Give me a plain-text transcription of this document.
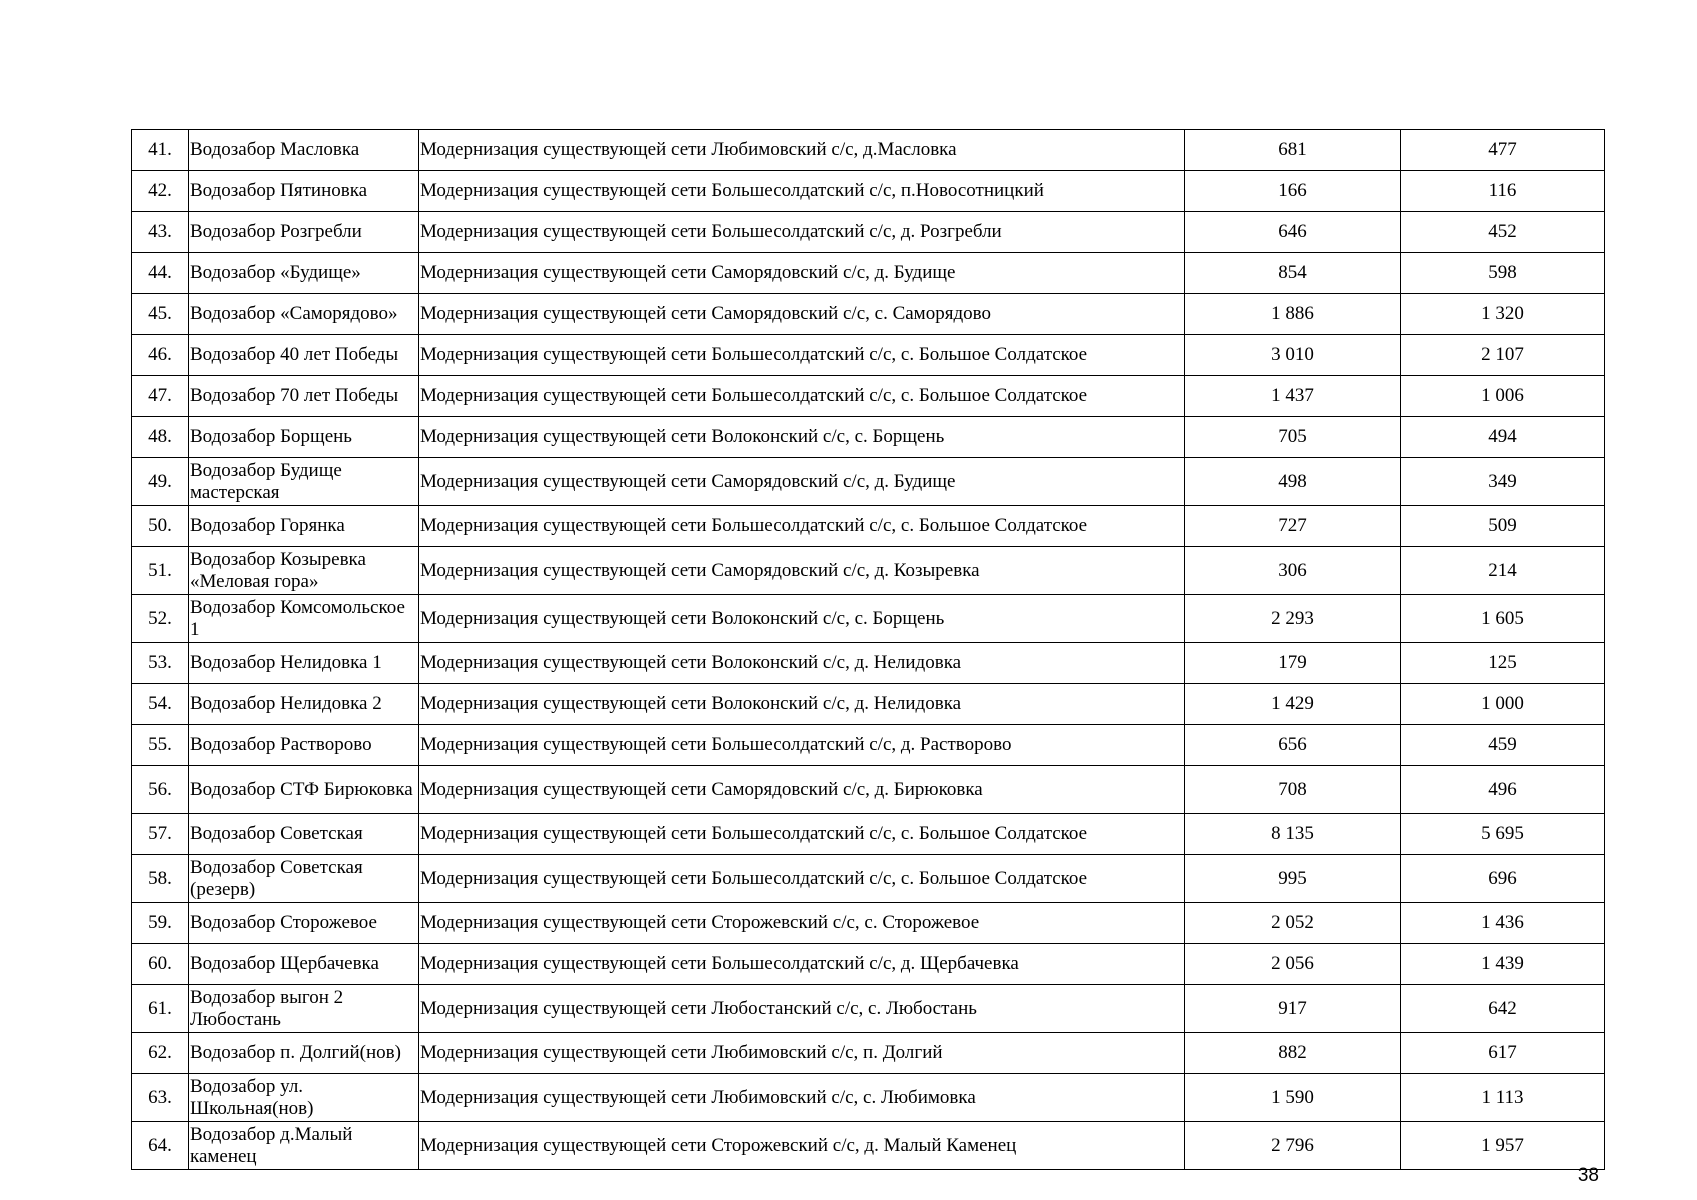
41.	Водозабор Масловка	Модернизация существующей сети Любимовский с/с, д.Масловка	681	477
42.	Водозабор Пятиновка	Модернизация существующей сети Большесолдатский с/с, п.Новосотницкий	166	116
43.	Водозабор Розгребли	Модернизация существующей сети Большесолдатский с/с, д. Розгребли	646	452
44.	Водозабор «Будище»	Модернизация существующей сети Саморядовский с/с, д. Будище	854	598
45.	Водозабор «Саморядово»	Модернизация существующей сети Саморядовский с/с, с. Саморядово	1 886	1 320
46.	Водозабор 40 лет Победы	Модернизация существующей сети Большесолдатский с/с, с. Большое Солдатское	3 010	2 107
47.	Водозабор 70 лет Победы	Модернизация существующей сети Большесолдатский с/с, с. Большое Солдатское	1 437	1 006
48.	Водозабор Борщень	Модернизация существующей сети Волоконский с/с, с. Борщень	705	494
49.	Водозабор Будище мастерская	Модернизация существующей сети Саморядовский с/с, д. Будище	498	349
50.	Водозабор Горянка	Модернизация существующей сети Большесолдатский с/с, с. Большое Солдатское	727	509
51.	Водозабор Козыревка «Меловая гора»	Модернизация существующей сети Саморядовский с/с, д. Козыревка	306	214
52.	Водозабор Комсомольское 1	Модернизация существующей сети Волоконский с/с, с. Борщень	2 293	1 605
53.	Водозабор Нелидовка 1	Модернизация существующей сети Волоконский с/с, д. Нелидовка	179	125
54.	Водозабор Нелидовка 2	Модернизация существующей сети Волоконский с/с, д. Нелидовка	1 429	1 000
55.	Водозабор Растворово	Модернизация существующей сети Большесолдатский с/с, д. Растворово	656	459
56.	Водозабор СТФ Бирюковка	Модернизация существующей сети Саморядовский с/с, д. Бирюковка	708	496
57.	Водозабор Советская	Модернизация существующей сети Большесолдатский с/с, с. Большое Солдатское	8 135	5 695
58.	Водозабор Советская (резерв)	Модернизация существующей сети Большесолдатский с/с, с. Большое Солдатское	995	696
59.	Водозабор Сторожевое	Модернизация существующей сети Сторожевский с/с, с. Сторожевое	2 052	1 436
60.	Водозабор Щербачевка	Модернизация существующей сети Большесолдатский с/с, д. Щербачевка	2 056	1 439
61.	Водозабор выгон 2 Любостань	Модернизация существующей сети Любостанский с/с, с. Любостань	917	642
62.	Водозабор п. Долгий(нов)	Модернизация существующей сети Любимовский с/с, п. Долгий	882	617
63.	Водозабор ул. Школьная(нов)	Модернизация существующей сети Любимовский с/с, с. Любимовка	1 590	1 113
64.	Водозабор д.Малый каменец	Модернизация существующей сети Сторожевский с/с, д. Малый Каменец	2 796	1 957
38
